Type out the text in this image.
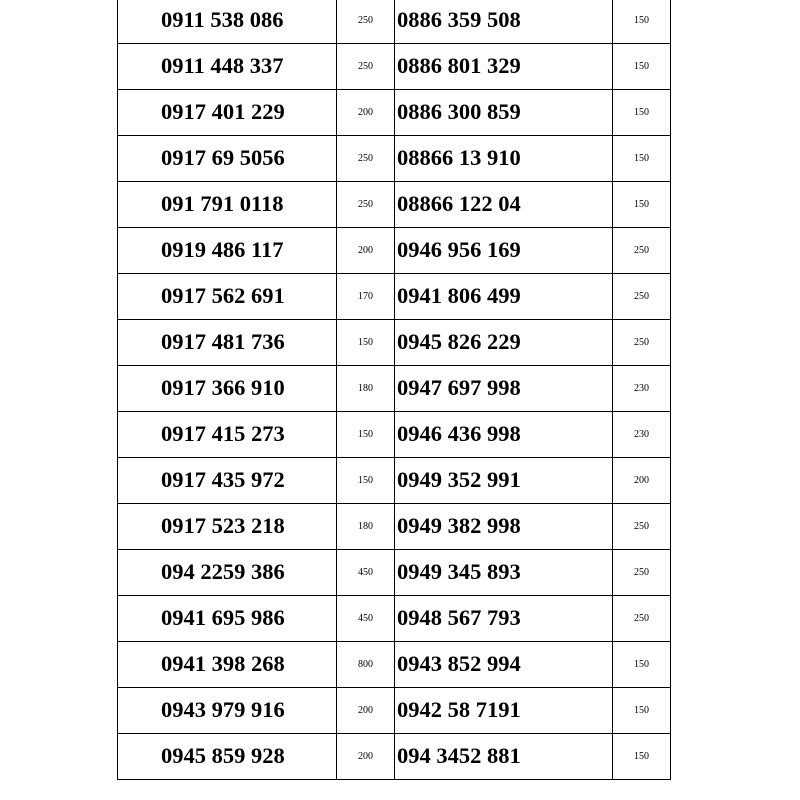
0911 538 086	250	0886 359 508	150
0911 448 337	250	0886 801 329	150
0917 401 229	200	0886 300 859	150
0917 69 5056	250	08866 13 910	150
091 791 0118	250	08866 122 04	150
0919 486 117	200	0946 956 169	250
0917 562 691	170	0941 806 499	250
0917 481 736	150	0945 826 229	250
0917 366 910	180	0947 697 998	230
0917 415 273	150	0946 436 998	230
0917 435 972	150	0949 352 991	200
0917 523 218	180	0949 382 998	250
094 2259 386	450	0949 345 893	250
0941 695 986	450	0948 567 793	250
0941 398 268	800	0943 852 994	150
0943 979 916	200	0942 58 7191	150
0945 859 928	200	094 3452 881	150
